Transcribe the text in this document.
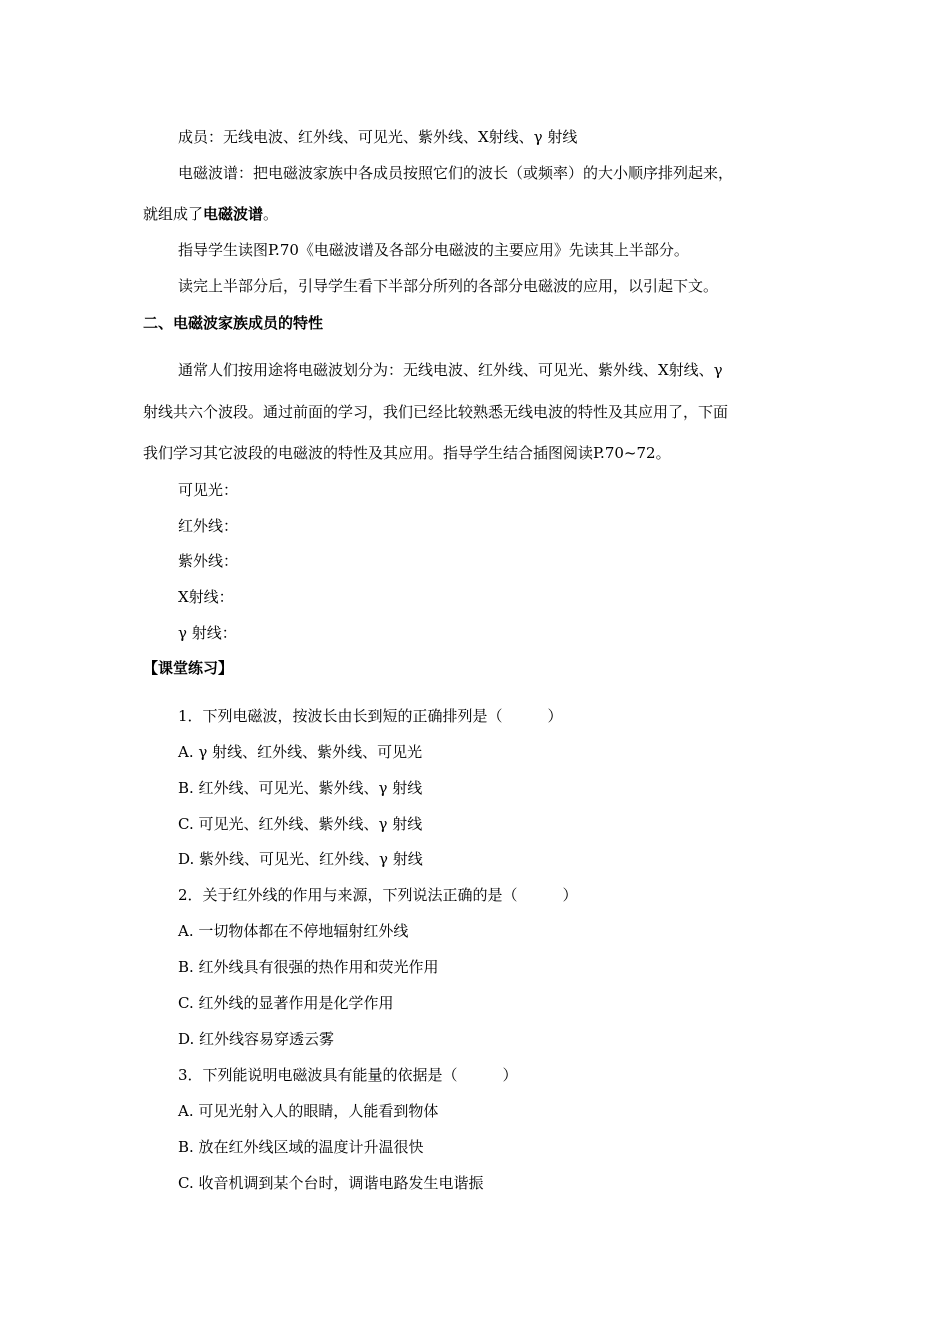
成员：无线电波、红外线、可见光、紫外线、X射线、γ 射线
电磁波谱：把电磁波家族中各成员按照它们的波长（或频率）的大小顺序排列起来，
就组成了电磁波谱。
指导学生读图P.70《电磁波谱及各部分电磁波的主要应用》先读其上半部分。
读完上半部分后，引导学生看下半部分所列的各部分电磁波的应用，以引起下文。
二、电磁波家族成员的特性
通常人们按用途将电磁波划分为：无线电波、红外线、可见光、紫外线、X射线、γ
射线共六个波段。通过前面的学习，我们已经比较熟悉无线电波的特性及其应用了，下面
我们学习其它波段的电磁波的特性及其应用。指导学生结合插图阅读P.70~72。
可见光：
红外线：
紫外线：
X射线：
γ 射线：
【课堂练习】
1．下列电磁波，按波长由长到短的正确排列是（　　　）
A. γ 射线、红外线、紫外线、可见光
B. 红外线、可见光、紫外线、γ 射线
C. 可见光、红外线、紫外线、γ 射线
D. 紫外线、可见光、红外线、γ 射线
2．关于红外线的作用与来源，下列说法正确的是（　　　）
A. 一切物体都在不停地辐射红外线
B. 红外线具有很强的热作用和荧光作用
C. 红外线的显著作用是化学作用
D. 红外线容易穿透云雾
3．下列能说明电磁波具有能量的依据是（　　　）
A. 可见光射入人的眼睛，人能看到物体
B. 放在红外线区域的温度计升温很快
C. 收音机调到某个台时，调谐电路发生电谐振
